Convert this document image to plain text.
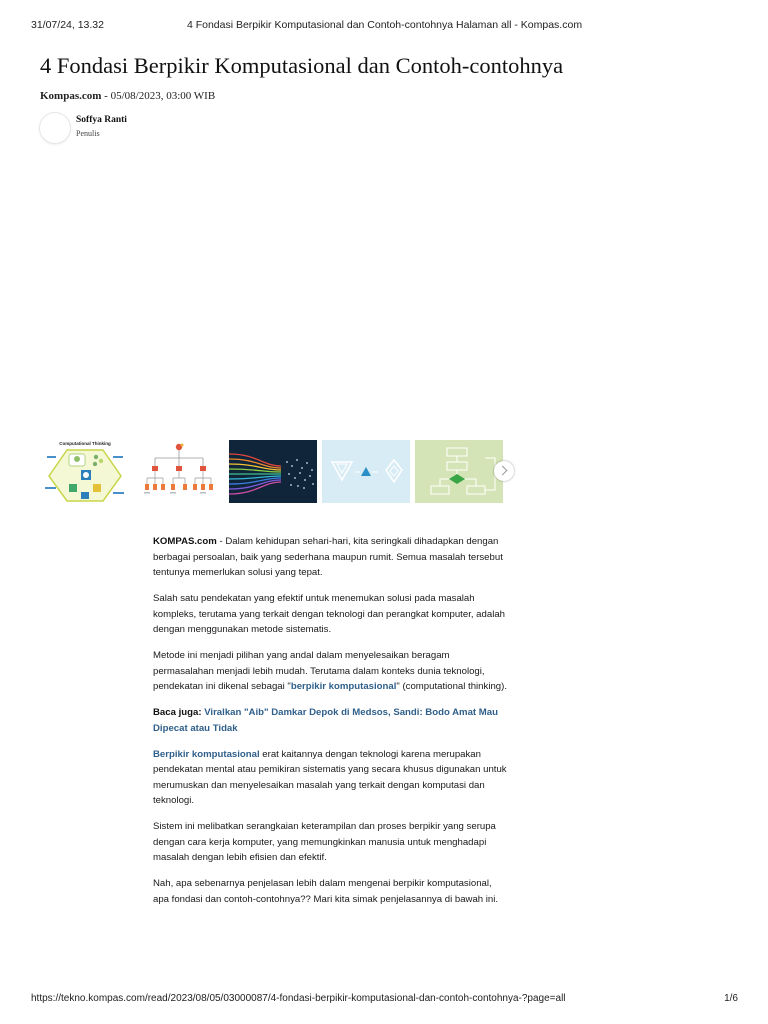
31/07/24, 13.32	4 Fondasi Berpikir Komputasional dan Contoh-contohnya Halaman all - Kompas.com
4 Fondasi Berpikir Komputasional dan Contoh-contohnya
Kompas.com - 05/08/2023, 03:00 WIB
Soffya Ranti
Penulis
Computational Thinking

KOMPAS.com - Dalam kehidupan sehari-hari, kita seringkali dihadapkan dengan berbagai persoalan, baik yang sederhana maupun rumit. Semua masalah tersebut tentunya memerlukan solusi yang tepat.

Salah satu pendekatan yang efektif untuk menemukan solusi pada masalah kompleks, terutama yang terkait dengan teknologi dan perangkat komputer, adalah dengan menggunakan metode sistematis.

Metode ini menjadi pilihan yang andal dalam menyelesaikan beragam permasalahan menjadi lebih mudah. Terutama dalam konteks dunia teknologi, pendekatan ini dikenal sebagai "berpikir komputasional" (computational thinking).

Baca juga: Viralkan "Aib" Damkar Depok di Medsos, Sandi: Bodo Amat Mau Dipecat atau Tidak

Berpikir komputasional erat kaitannya dengan teknologi karena merupakan pendekatan mental atau pemikiran sistematis yang secara khusus digunakan untuk merumuskan dan menyelesaikan masalah yang terkait dengan komputasi dan teknologi.

Sistem ini melibatkan serangkaian keterampilan dan proses berpikir yang serupa dengan cara kerja komputer, yang memungkinkan manusia untuk menghadapi masalah dengan lebih efisien dan efektif.

Nah, apa sebenarnya penjelasan lebih dalam mengenai berpikir komputasional, apa fondasi dan contoh-contohnya?? Mari kita simak penjelasannya di bawah ini.

https://tekno.kompas.com/read/2023/08/05/03000087/4-fondasi-berpikir-komputasional-dan-contoh-contohnya-?page=all	1/6
